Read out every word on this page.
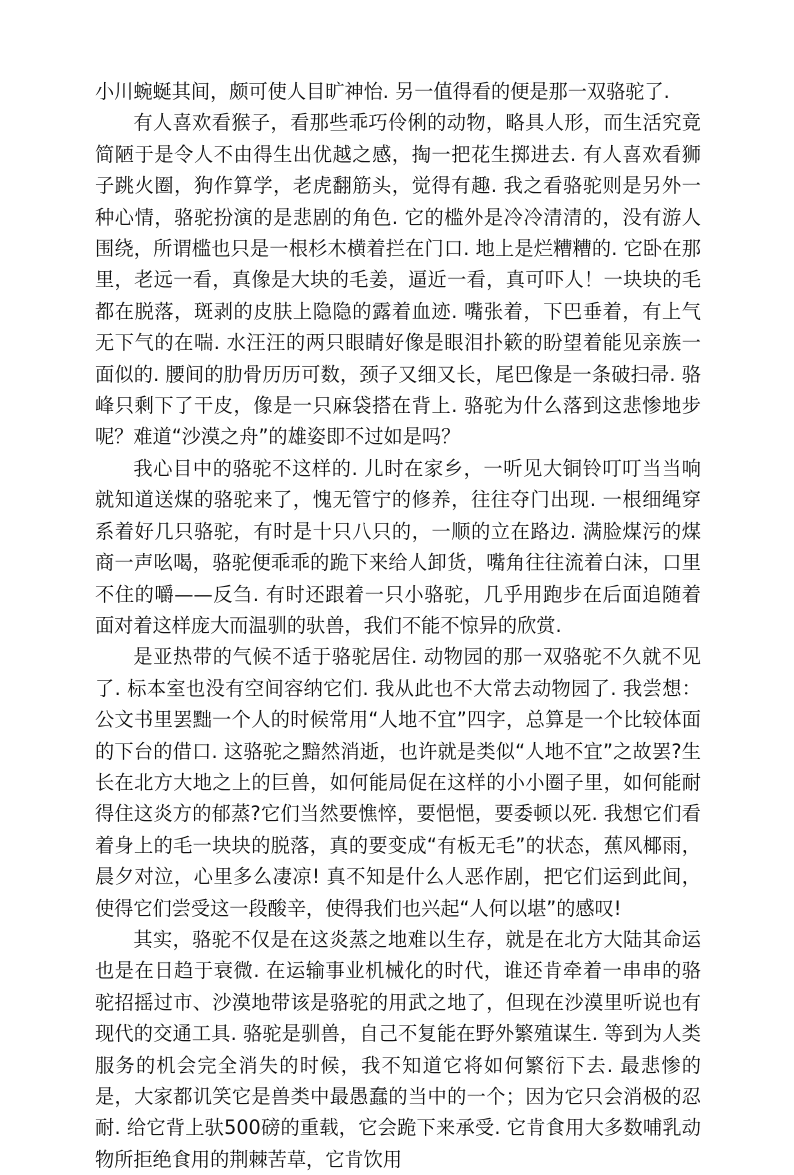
小川蜿蜒其间，颇可使人目旷神怡. 另一值得看的便是那一双骆驼了.

有人喜欢看猴子，看那些乖巧伶俐的动物，略具人形，而生活究竟简陋于是令人不由得生出优越之感，掏一把花生掷进去. 有人喜欢看狮子跳火圈，狗作算学，老虎翻筋头，觉得有趣. 我之看骆驼则是另外一种心情，骆驼扮演的是悲剧的角色. 它的槛外是冷冷清清的，没有游人围绕，所谓槛也只是一根杉木横着拦在门口. 地上是烂糟糟的. 它卧在那里，老远一看，真像是大块的毛姜，逼近一看，真可吓人！一块块的毛都在脱落，斑剥的皮肤上隐隐的露着血迹. 嘴张着，下巴垂着，有上气无下气的在喘. 水汪汪的两只眼睛好像是眼泪扑簌的盼望着能见亲族一面似的. 腰间的肋骨历历可数，颈子又细又长，尾巴像是一条破扫帚. 骆峰只剩下了干皮，像是一只麻袋搭在背上. 骆驼为什么落到这悲惨地步呢？难道“沙漠之舟”的雄姿即不过如是吗？

我心目中的骆驼不这样的. 儿时在家乡，一听见大铜铃叮叮当当响就知道送煤的骆驼来了，愧无管宁的修养，往往夺门出现. 一根细绳穿系着好几只骆驼，有时是十只八只的，一顺的立在路边. 满脸煤污的煤商一声吆喝，骆驼便乖乖的跪下来给人卸货，嘴角往往流着白沫，口里不住的嚼——反刍. 有时还跟着一只小骆驼，几乎用跑步在后面追随着面对着这样庞大而温驯的驮兽，我们不能不惊异的欣赏.

是亚热带的气候不适于骆驼居住. 动物园的那一双骆驼不久就不见了. 标本室也没有空间容纳它们. 我从此也不大常去动物园了. 我尝想：公文书里罢黜一个人的时候常用“人地不宜”四字，总算是一个比较体面的下台的借口. 这骆驼之黯然消逝，也许就是类似“人地不宜”之故罢?生长在北方大地之上的巨兽，如何能局促在这样的小小圈子里，如何能耐得住这炎方的郁蒸?它们当然要憔悴，要悒悒，要委顿以死. 我想它们看着身上的毛一块块的脱落，真的要变成“有板无毛”的状态，蕉风椰雨，晨夕对泣，心里多么凄凉! 真不知是什么人恶作剧，把它们运到此间，使得它们尝受这一段酸辛，使得我们也兴起“人何以堪”的感叹!

其实，骆驼不仅是在这炎蒸之地难以生存，就是在北方大陆其命运也是在日趋于衰微. 在运输事业机械化的时代，谁还肯牵着一串串的骆驼招摇过市、沙漠地带该是骆驼的用武之地了，但现在沙漠里听说也有现代的交通工具. 骆驼是驯兽，自己不复能在野外繁殖谋生. 等到为人类服务的机会完全消失的时候，我不知道它将如何繁衍下去. 最悲惨的是，大家都讥笑它是兽类中最愚蠢的当中的一个；因为它只会消极的忍耐. 给它背上驮500磅的重载，它会跪下来承受. 它肯食用大多数哺乳动物所拒绝食用的荆棘苦草，它肯饮用
